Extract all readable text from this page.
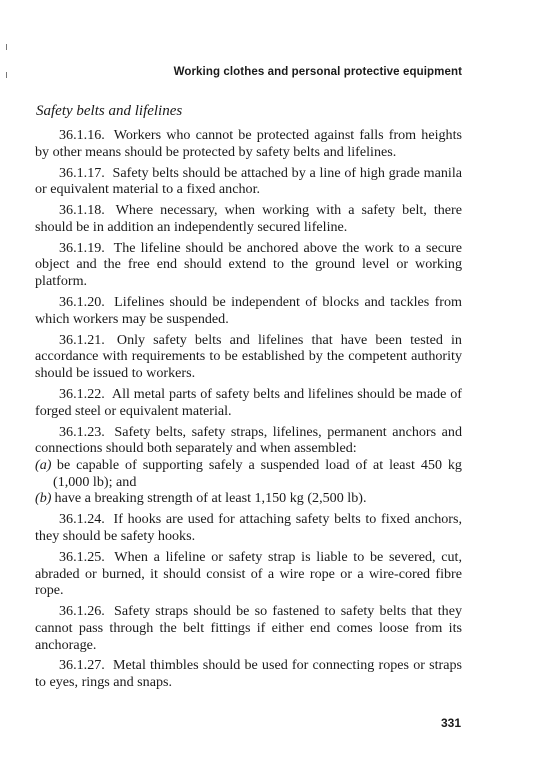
Working clothes and personal protective equipment
Safety belts and lifelines

36.1.16. Workers who cannot be protected against falls from heights by other means should be protected by safety belts and lifelines.

36.1.17. Safety belts should be attached by a line of high grade manila or equivalent material to a fixed anchor.

36.1.18. Where necessary, when working with a safety belt, there should be in addition an independently secured lifeline.

36.1.19. The lifeline should be anchored above the work to a secure object and the free end should extend to the ground level or working platform.

36.1.20. Lifelines should be independent of blocks and tackles from which workers may be suspended.

36.1.21. Only safety belts and lifelines that have been tested in accordance with requirements to be established by the competent authority should be issued to workers.

36.1.22. All metal parts of safety belts and lifelines should be made of forged steel or equivalent material.

36.1.23. Safety belts, safety straps, lifelines, permanent anchors and connections should both separately and when assembled:

(a) be capable of supporting safely a suspended load of at least 450 kg (1,000 lb); and

(b) have a breaking strength of at least 1,150 kg (2,500 lb).

36.1.24. If hooks are used for attaching safety belts to fixed anchors, they should be safety hooks.

36.1.25. When a lifeline or safety strap is liable to be severed, cut, abraded or burned, it should consist of a wire rope or a wire-cored fibre rope.

36.1.26. Safety straps should be so fastened to safety belts that they cannot pass through the belt fittings if either end comes loose from its anchorage.

36.1.27. Metal thimbles should be used for connecting ropes or straps to eyes, rings and snaps.

331
